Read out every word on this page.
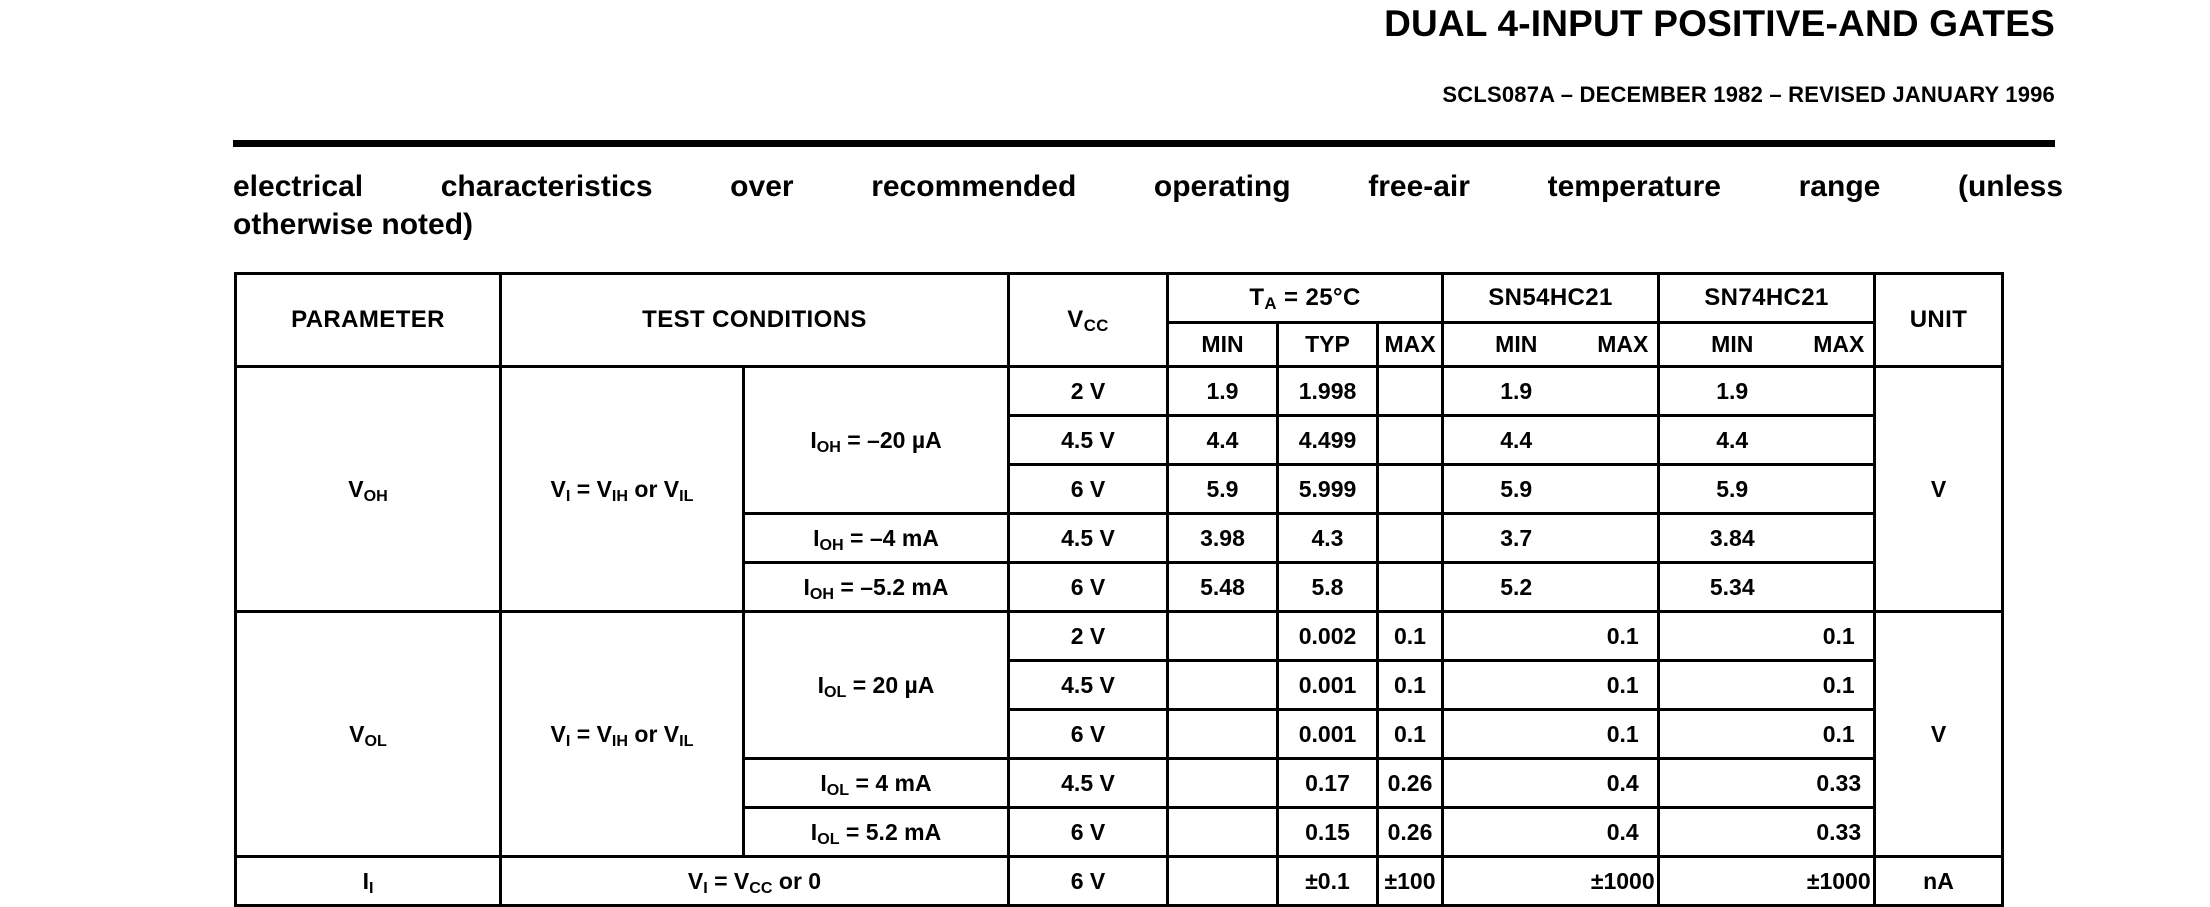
DUAL 4-INPUT POSITIVE-AND GATES
SCLS087A – DECEMBER 1982 – REVISED JANUARY 1996
electrical characteristics over recommended operating free-air temperature range (unless
otherwise noted)
PARAMETER	TEST CONDITIONS		$V_{CC}$	$T_A = 25^\circ C$			SN54HC21		SN74HC21		UNIT
				MIN	TYP	MAX	MIN	MAX	MIN	MAX	
$V_{OH}$	$V_I = V_{IH}$ or $V_{IL}$	$I_{OH} = -20$ µA	2 V	1.9	1.998		1.9		1.9		V
			4.5 V	4.4	4.499		4.4		4.4		
			6 V	5.9	5.999		5.9		5.9		
		$I_{OH} = -4$ mA	4.5 V	3.98	4.3		3.7		3.84		
		$I_{OH} = -5.2$ mA	6 V	5.48	5.8		5.2		5.34		
$V_{OL}$	$V_I = V_{IH}$ or $V_{IL}$	$I_{OL} = 20$ µA	2 V		0.002	0.1		0.1		0.1	V
			4.5 V		0.001	0.1		0.1		0.1	
			6 V		0.001	0.1		0.1		0.1	
		$I_{OL} = 4$ mA	4.5 V		0.17	0.26		0.4		0.33	
		$I_{OL} = 5.2$ mA	6 V		0.15	0.26		0.4		0.33	
$I_I$	$V_I = V_{CC}$ or 0		6 V		±0.1	±100		±1000		±1000	nA
